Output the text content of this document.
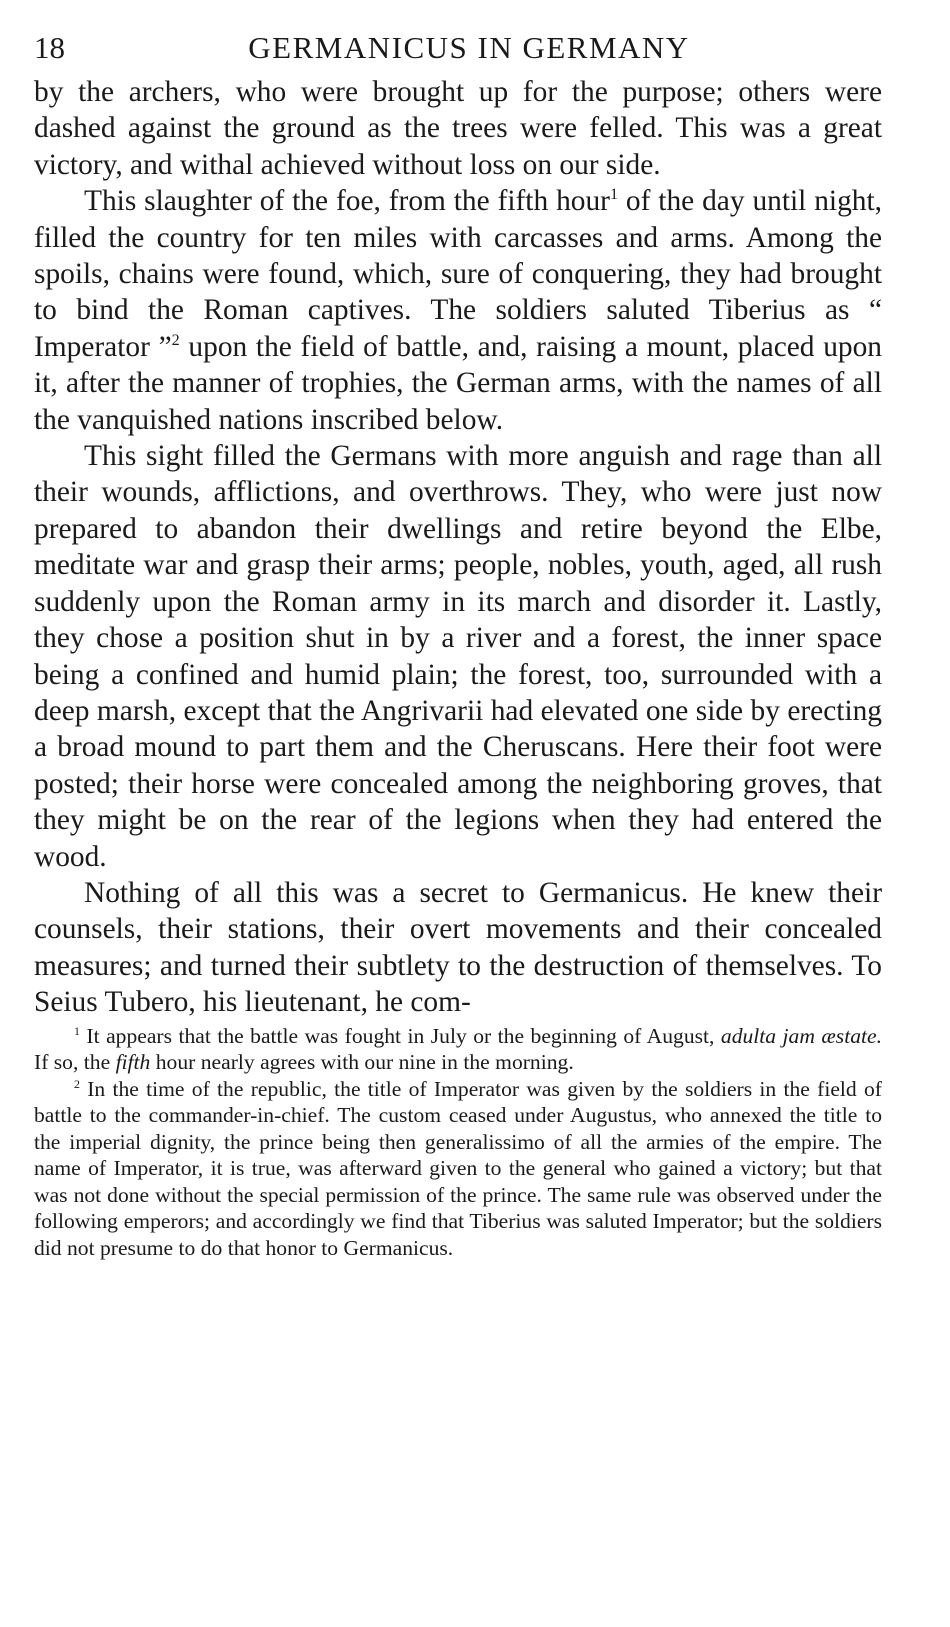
18	GERMANICUS IN GERMANY

by the archers, who were brought up for the purpose; others were dashed against the ground as the trees were felled. This was a great victory, and withal achieved without loss on our side.

This slaughter of the foe, from the fifth hour$^1$ of the day until night, filled the country for ten miles with carcasses and arms. Among the spoils, chains were found, which, sure of conquering, they had brought to bind the Roman captives. The soldiers saluted Tiberius as “ Imperator ”$^2$ upon the field of battle, and, raising a mount, placed upon it, after the manner of trophies, the German arms, with the names of all the vanquished nations inscribed below.

This sight filled the Germans with more anguish and rage than all their wounds, afflictions, and overthrows. They, who were just now prepared to abandon their dwellings and retire beyond the Elbe, meditate war and grasp their arms; people, nobles, youth, aged, all rush suddenly upon the Roman army in its march and disorder it. Lastly, they chose a position shut in by a river and a forest, the inner space being a confined and humid plain; the forest, too, surrounded with a deep marsh, except that the Angrivarii had elevated one side by erecting a broad mound to part them and the Cheruscans. Here their foot were posted; their horse were concealed among the neighboring groves, that they might be on the rear of the legions when they had entered the wood.

Nothing of all this was a secret to Germanicus. He knew their counsels, their stations, their overt movements and their concealed measures; and turned their subtlety to the destruction of themselves. To Seius Tubero, his lieutenant, he com-

$^1$ It appears that the battle was fought in July or the beginning of August, adulta jam æstate. If so, the fifth hour nearly agrees with our nine in the morning.

$^2$ In the time of the republic, the title of Imperator was given by the soldiers in the field of battle to the commander-in-chief. The custom ceased under Augustus, who annexed the title to the imperial dignity, the prince being then generalissimo of all the armies of the empire. The name of Imperator, it is true, was afterward given to the general who gained a victory; but that was not done without the special permission of the prince. The same rule was observed under the following emperors; and accordingly we find that Tiberius was saluted Imperator; but the soldiers did not presume to do that honor to Germanicus.
